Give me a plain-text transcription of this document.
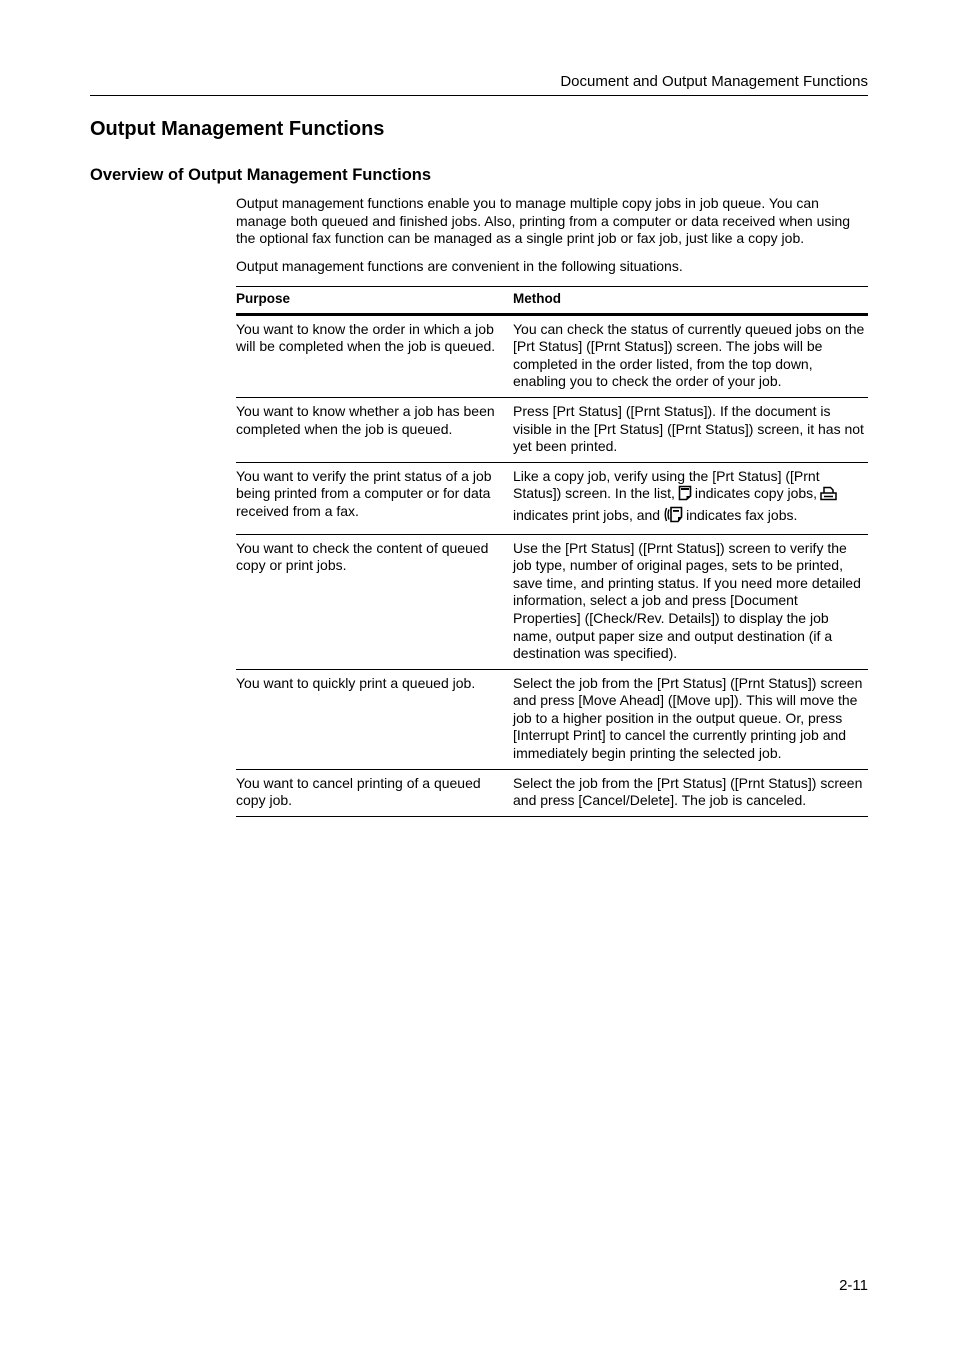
Document and Output Management Functions
Output Management Functions
Overview of Output Management Functions

Output management functions enable you to manage multiple copy jobs in job queue. You can manage both queued and finished jobs. Also, printing from a computer or data received when using the optional fax function can be managed as a single print job or fax job, just like a copy job.

Output management functions are convenient in the following situations.

Purpose	Method
You want to know the order in which a job will be completed when the job is queued.	You can check the status of currently queued jobs on the [Prt Status] ([Prnt Status]) screen. The jobs will be completed in the order listed, from the top down, enabling you to check the order of your job.
You want to know whether a job has been completed when the job is queued.	Press [Prt Status] ([Prnt Status]). If the document is visible in the [Prt Status] ([Prnt Status]) screen, it has not yet been printed.
You want to verify the print status of a job being printed from a computer or for data received from a fax.	Like a copy job, verify using the [Prt Status] ([Prnt Status]) screen. In the list, indicates copy jobs,indicates print jobs, and indicates fax jobs.
You want to check the content of queued copy or print jobs.	Use the [Prt Status] ([Prnt Status]) screen to verify the job type, number of original pages, sets to be printed, save time, and printing status. If you need more detailed information, select a job and press [Document Properties] ([Check/Rev. Details]) to display the job name, output paper size and output destination (if a destination was specified).
You want to quickly print a queued job.	Select the job from the [Prt Status] ([Prnt Status]) screen and press [Move Ahead] ([Move up]). This will move the job to a higher position in the output queue. Or, press [Interrupt Print] to cancel the currently printing job and immediately begin printing the selected job.
You want to cancel printing of a queued copy job.	Select the job from the [Prt Status] ([Prnt Status]) screen and press [Cancel/Delete]. The job is canceled.
2-11
